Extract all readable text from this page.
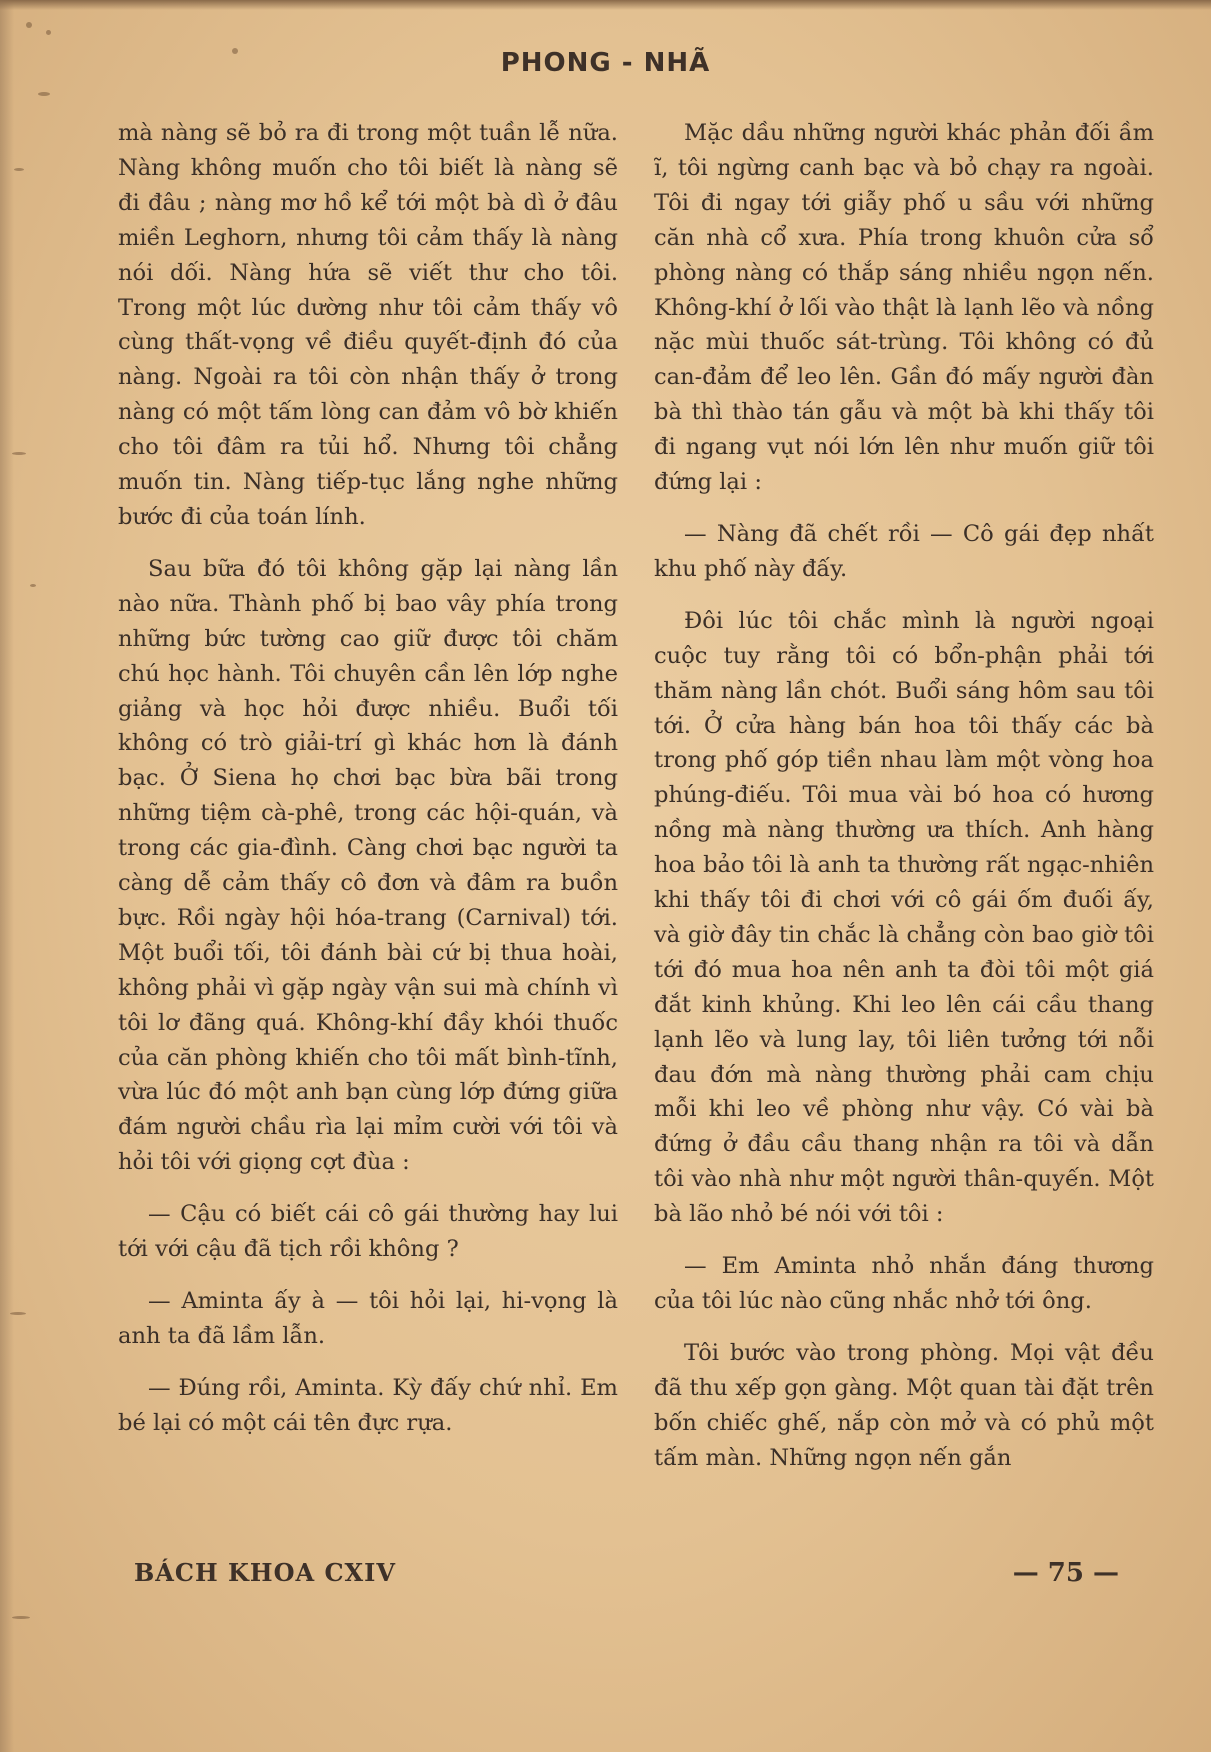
PHONG - NHÃ

mà nàng sẽ bỏ ra đi trong một tuần lễ nữa. Nàng không muốn cho tôi biết là nàng sẽ đi đâu ; nàng mơ hồ kể tới một bà dì ở đâu miền Leghorn, nhưng tôi cảm thấy là nàng nói dối. Nàng hứa sẽ viết thư cho tôi. Trong một lúc dường như tôi cảm thấy vô cùng thất-vọng về điều quyết-định đó của nàng. Ngoài ra tôi còn nhận thấy ở trong nàng có một tấm lòng can đảm vô bờ khiến cho tôi đâm ra tủi hổ. Nhưng tôi chẳng muốn tin. Nàng tiếp-tục lắng nghe những bước đi của toán lính.

Sau bữa đó tôi không gặp lại nàng lần nào nữa. Thành phố bị bao vây phía trong những bức tường cao giữ được tôi chăm chú học hành. Tôi chuyên cần lên lớp nghe giảng và học hỏi được nhiều. Buổi tối không có trò giải-trí gì khác hơn là đánh bạc. Ở Siena họ chơi bạc bừa bãi trong những tiệm cà-phê, trong các hội-quán, và trong các gia-đình. Càng chơi bạc người ta càng dễ cảm thấy cô đơn và đâm ra buồn bực. Rồi ngày hội hóa-trang (Carnival) tới. Một buổi tối, tôi đánh bài cứ bị thua hoài, không phải vì gặp ngày vận sui mà chính vì tôi lơ đãng quá. Không-khí đầy khói thuốc của căn phòng khiến cho tôi mất bình-tĩnh, vừa lúc đó một anh bạn cùng lớp đứng giữa đám người chầu rìa lại mỉm cười với tôi và hỏi tôi với giọng cợt đùa :

— Cậu có biết cái cô gái thường hay lui tới với cậu đã tịch rồi không ?

— Aminta ấy à — tôi hỏi lại, hi-vọng là anh ta đã lầm lẫn.

— Đúng rồi, Aminta. Kỳ đấy chứ nhỉ. Em bé lại có một cái tên đực rựa.

Mặc dầu những người khác phản đối ầm ĩ, tôi ngừng canh bạc và bỏ chạy ra ngoài. Tôi đi ngay tới giẫy phố u sầu với những căn nhà cổ xưa. Phía trong khuôn cửa sổ phòng nàng có thắp sáng nhiều ngọn nến. Không-khí ở lối vào thật là lạnh lẽo và nồng nặc mùi thuốc sát-trùng. Tôi không có đủ can-đảm để leo lên. Gần đó mấy người đàn bà thì thào tán gẫu và một bà khi thấy tôi đi ngang vụt nói lớn lên như muốn giữ tôi đứng lại :

— Nàng đã chết rồi — Cô gái đẹp nhất khu phố này đấy.

Đôi lúc tôi chắc mình là người ngoại cuộc tuy rằng tôi có bổn-phận phải tới thăm nàng lần chót. Buổi sáng hôm sau tôi tới. Ở cửa hàng bán hoa tôi thấy các bà trong phố góp tiền nhau làm một vòng hoa phúng-điếu. Tôi mua vài bó hoa có hương nồng mà nàng thường ưa thích. Anh hàng hoa bảo tôi là anh ta thường rất ngạc-nhiên khi thấy tôi đi chơi với cô gái ốm đuối ấy, và giờ đây tin chắc là chẳng còn bao giờ tôi tới đó mua hoa nên anh ta đòi tôi một giá đắt kinh khủng. Khi leo lên cái cầu thang lạnh lẽo và lung lay, tôi liên tưởng tới nỗi đau đớn mà nàng thường phải cam chịu mỗi khi leo về phòng như vậy. Có vài bà đứng ở đầu cầu thang nhận ra tôi và dẫn tôi vào nhà như một người thân-quyến. Một bà lão nhỏ bé nói với tôi :

— Em Aminta nhỏ nhắn đáng thương của tôi lúc nào cũng nhắc nhở tới ông.

Tôi bước vào trong phòng. Mọi vật đều đã thu xếp gọn gàng. Một quan tài đặt trên bốn chiếc ghế, nắp còn mở và có phủ một tấm màn. Những ngọn nến gắn

BÁCH KHOA CXIV	— 75 —
